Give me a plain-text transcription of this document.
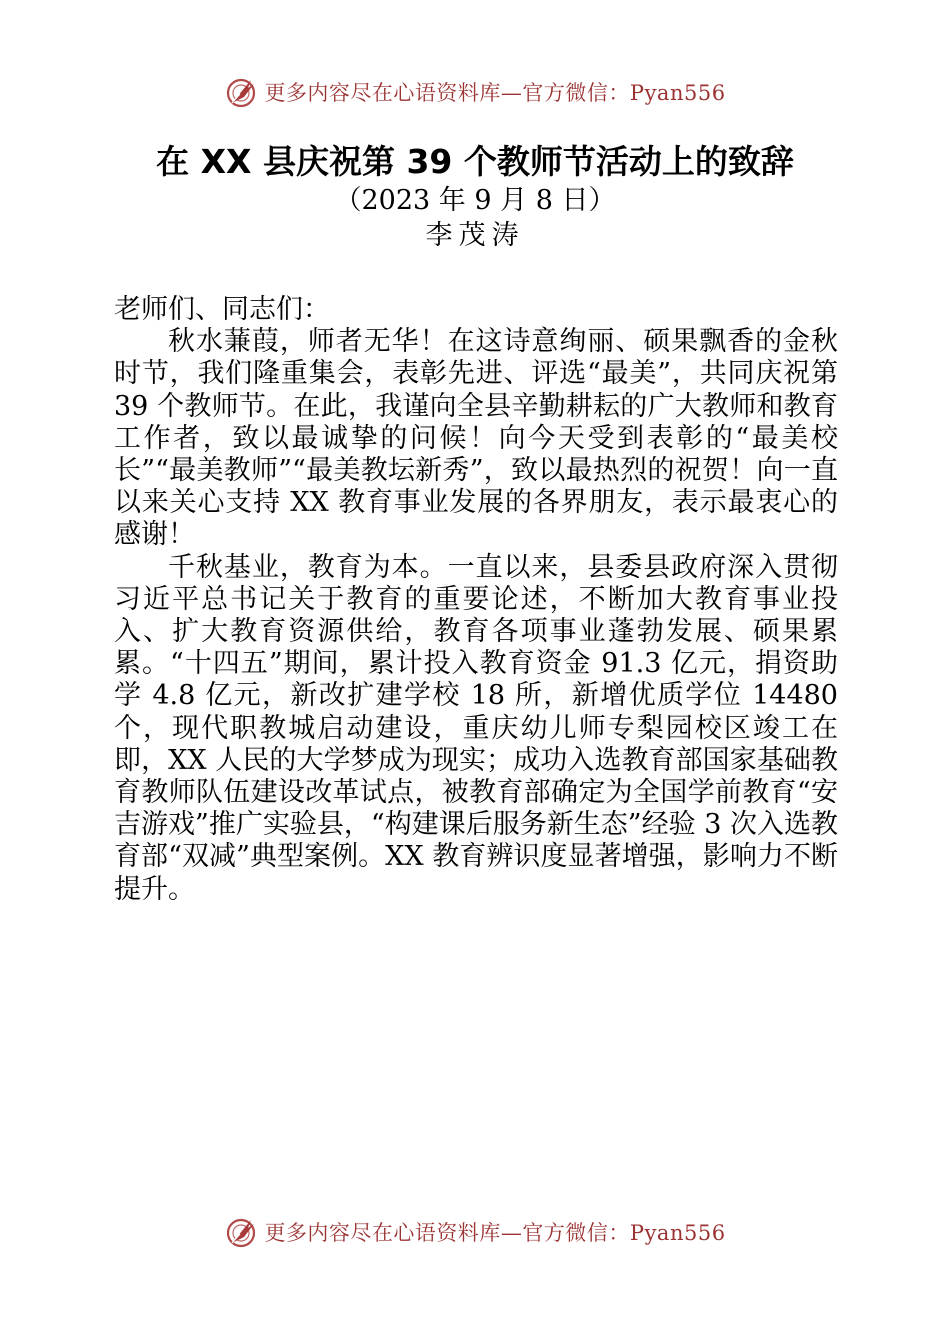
更多内容尽在心语资料库—官方微信：Pyan556
在 XX 县庆祝第 39 个教师节活动上的致辞
（2023 年 9 月 8 日）
李茂涛

老师们、同志们：

秋水蒹葭，师者无华！在这诗意绚丽、硕果飘香的金秋时节，我们隆重集会，表彰先进、评选“最美”，共同庆祝第 39 个教师节。在此，我谨向全县辛勤耕耘的广大教师和教育工作者，致以最诚挚的问候！向今天受到表彰的“最美校长”“最美教师”“最美教坛新秀”，致以最热烈的祝贺！向一直以来关心支持 XX 教育事业发展的各界朋友，表示最衷心的感谢！

千秋基业，教育为本。一直以来，县委县政府深入贯彻习近平总书记关于教育的重要论述，不断加大教育事业投入、扩大教育资源供给，教育各项事业蓬勃发展、硕果累累。“十四五”期间，累计投入教育资金 91.3 亿元，捐资助学 4.8 亿元，新改扩建学校 18 所，新增优质学位 14480 个，现代职教城启动建设，重庆幼儿师专梨园校区竣工在即，XX 人民的大学梦成为现实；成功入选教育部国家基础教育教师队伍建设改革试点，被教育部确定为全国学前教育“安吉游戏”推广实验县，“构建课后服务新生态”经验 3 次入选教育部“双减”典型案例。XX 教育辨识度显著增强，影响力不断提升。

更多内容尽在心语资料库—官方微信：Pyan556
